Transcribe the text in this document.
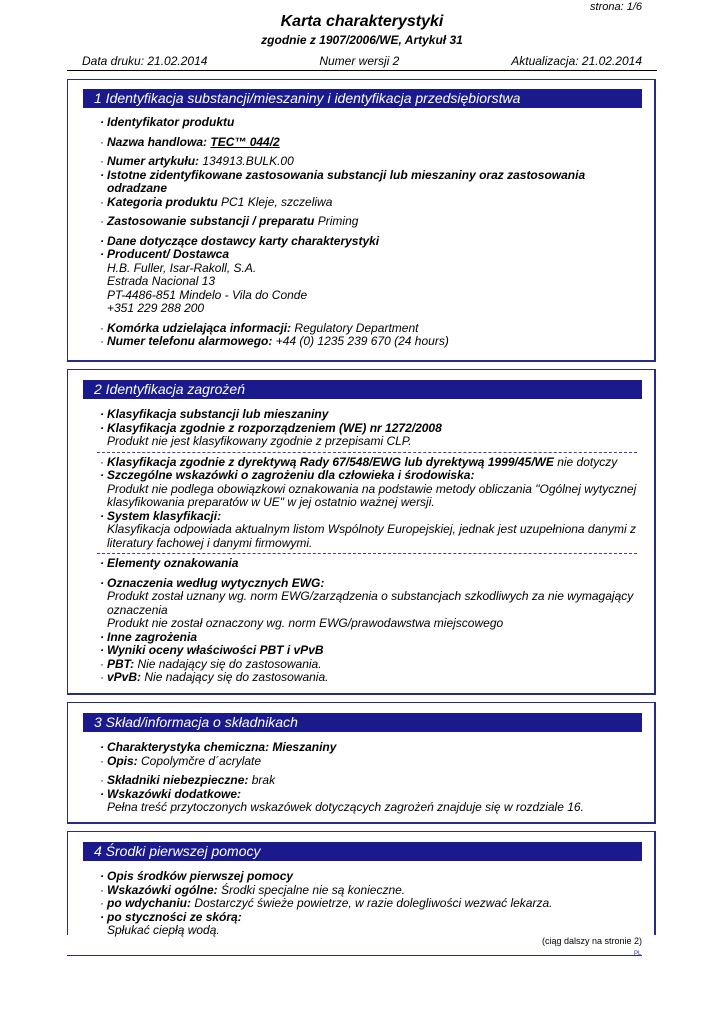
strona: 1/6
Karta charakterystyki
zgodnie z 1907/2006/WE, Artykuł 31
Data druku: 21.02.2014	Numer wersji 2	Aktualizacja: 21.02.2014
1 Identyfikacja substancji/mieszaniny i identyfikacja przedsiębiorstwa

· Identyfikator produktu

· Nazwa handlowa: TEC™ 044/2

· Numer artykułu: 134913.BULK.00

· Istotne zidentyfikowane zastosowania substancji lub mieszaniny oraz zastosowania odradzane

· Kategoria produktu PC1 Kleje, szczeliwa

· Zastosowanie substancji / preparatu Priming

· Dane dotyczące dostawcy karty charakterystyki

· Producent/ Dostawca

H.B. Fuller, Isar-Rakoll, S.A.

Estrada Nacional 13

PT-4486-851 Mindelo - Vila do Conde

+351 229 288 200

· Komórka udzielająca informacji: Regulatory Department

· Numer telefonu alarmowego: +44 (0) 1235 239 670 (24 hours)

2 Identyfikacja zagrożeń

· Klasyfikacja substancji lub mieszaniny

· Klasyfikacja zgodnie z rozporządzeniem (WE) nr 1272/2008

Produkt nie jest klasyfikowany zgodnie z przepisami CLP.

· Klasyfikacja zgodnie z dyrektywą Rady 67/548/EWG lub dyrektywą 1999/45/WE nie dotyczy

· Szczególne wskazówki o zagrożeniu dla człowieka i środowiska:

Produkt nie podlega obowiązkowi oznakowania na podstawie metody obliczania "Ogólnej wytycznej klasyfikowania preparatów w UE" w jej ostatnio ważnej wersji.

· System klasyfikacji:

Klasyfikacja odpowiada aktualnym listom Wspólnoty Europejskiej, jednak jest uzupełniona danymi z literatury fachowej i danymi firmowymi.

· Elementy oznakowania

· Oznaczenia według wytycznych EWG:

Produkt został uznany wg. norm EWG/zarządzenia o substancjach szkodliwych za nie wymagający oznaczenia

Produkt nie został oznaczony wg. norm EWG/prawodawstwa miejscowego

· Inne zagrożenia

· Wyniki oceny właściwości PBT i vPvB

· PBT: Nie nadający się do zastosowania.

· vPvB: Nie nadający się do zastosowania.

3 Skład/informacja o składnikach

· Charakterystyka chemiczna: Mieszaniny

· Opis: Copolymčre d´acrylate

· Składniki niebezpieczne: brak

· Wskazówki dodatkowe:

Pełna treść przytoczonych wskazówek dotyczących zagrożeń znajduje się w rozdziale 16.

4 Środki pierwszej pomocy

· Opis środków pierwszej pomocy

· Wskazówki ogólne: Środki specjalne nie są konieczne.

· po wdychaniu: Dostarczyć świeże powietrze, w razie dolegliwości wezwać lekarza.

· po styczności ze skórą:

Spłukać ciepłą wodą.

(ciąg dalszy na stronie 2)
PL
